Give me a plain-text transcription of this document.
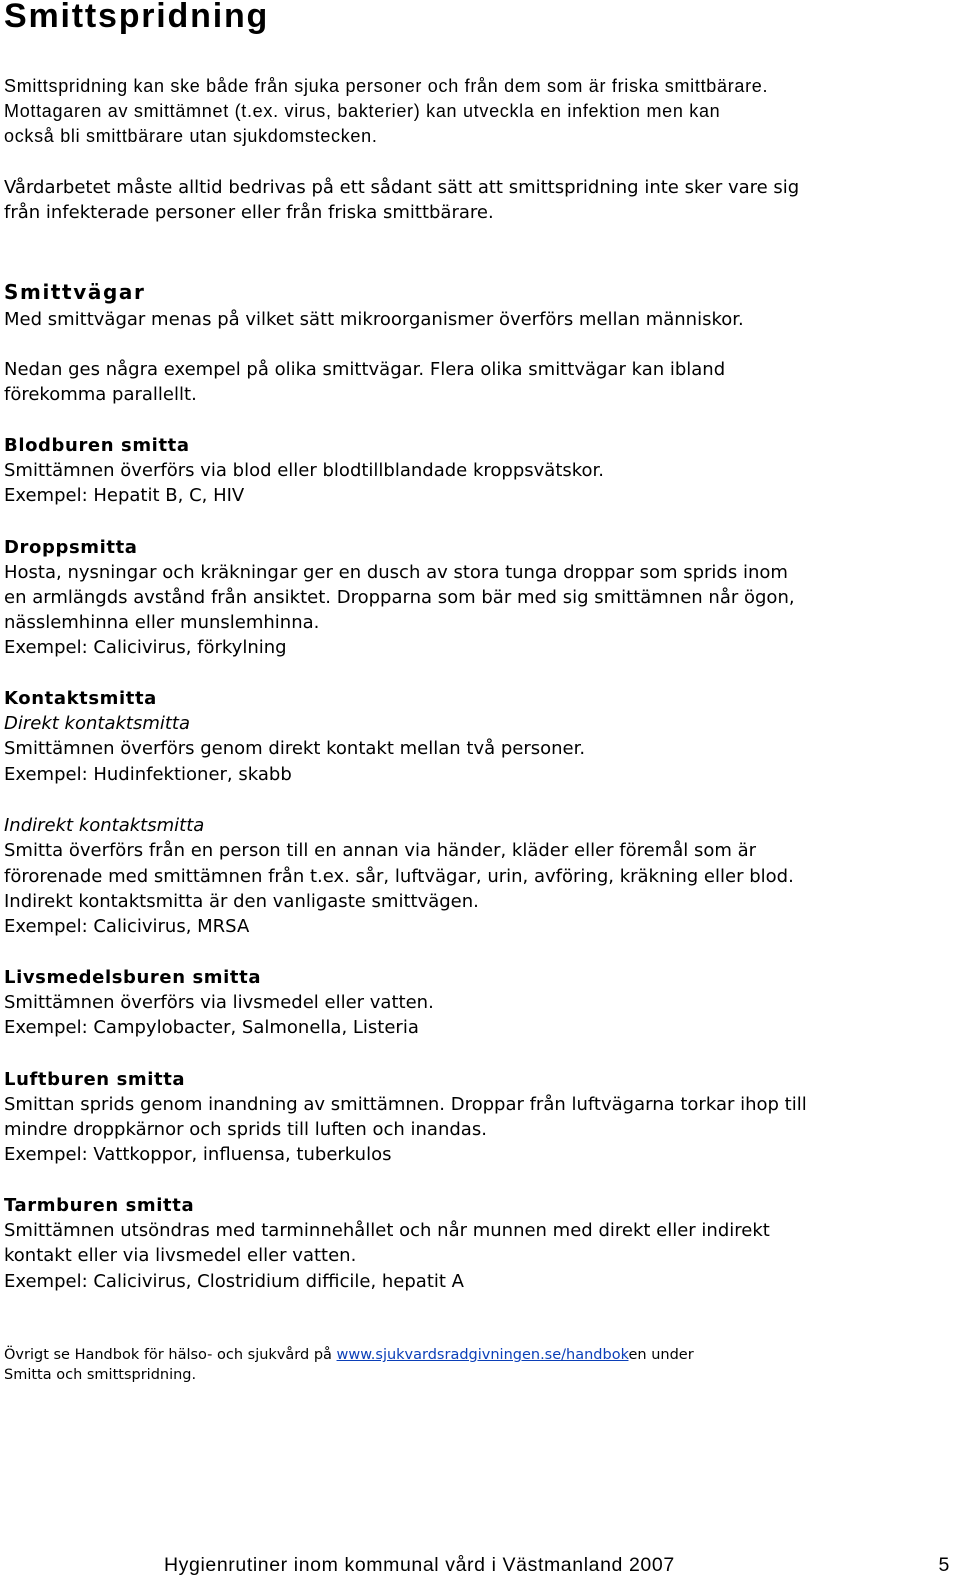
Smittspridning

Smittspridning kan ske både från sjuka personer och från dem som är friska smittbärare.

Mottagaren av smittämnet (t.ex. virus, bakterier) kan utveckla en infektion men kan

också bli smittbärare utan sjukdomstecken.

Vårdarbetet måste alltid bedrivas på ett sådant sätt att smittspridning inte sker vare sig

från infekterade personer eller från friska smittbärare.

Smittvägar

Med smittvägar menas på vilket sätt mikroorganismer överförs mellan människor.

Nedan ges några exempel på olika smittvägar. Flera olika smittvägar kan ibland

förekomma parallellt.

Blodburen smitta

Smittämnen överförs via blod eller blodtillblandade kroppsvätskor.

Exempel: Hepatit B, C, HIV

Droppsmitta

Hosta, nysningar och kräkningar ger en dusch av stora tunga droppar som sprids inom

en armlängds avstånd från ansiktet. Dropparna som bär med sig smittämnen når ögon,

nässlemhinna eller munslemhinna.

Exempel: Calicivirus, förkylning

Kontaktsmitta

Direkt kontaktsmitta

Smittämnen överförs genom direkt kontakt mellan två personer.

Exempel: Hudinfektioner, skabb

Indirekt kontaktsmitta

Smitta överförs från en person till en annan via händer, kläder eller föremål som är

förorenade med smittämnen från t.ex. sår, luftvägar, urin, avföring, kräkning eller blod.

Indirekt kontaktsmitta är den vanligaste smittvägen.

Exempel: Calicivirus, MRSA

Livsmedelsburen smitta

Smittämnen överförs via livsmedel eller vatten.

Exempel: Campylobacter, Salmonella, Listeria

Luftburen smitta

Smittan sprids genom inandning av smittämnen. Droppar från luftvägarna torkar ihop till

mindre droppkärnor och sprids till luften och inandas.

Exempel: Vattkoppor, influensa, tuberkulos

Tarmburen smitta

Smittämnen utsöndras med tarminnehållet och når munnen med direkt eller indirekt

kontakt eller via livsmedel eller vatten.

Exempel: Calicivirus, Clostridium difficile, hepatit A

Övrigt se Handbok för hälso- och sjukvård på www.sjukvardsradgivningen.se/handboken under

Smitta och smittspridning.

Hygienrutiner inom kommunal vård i Västmanland 2007	5
